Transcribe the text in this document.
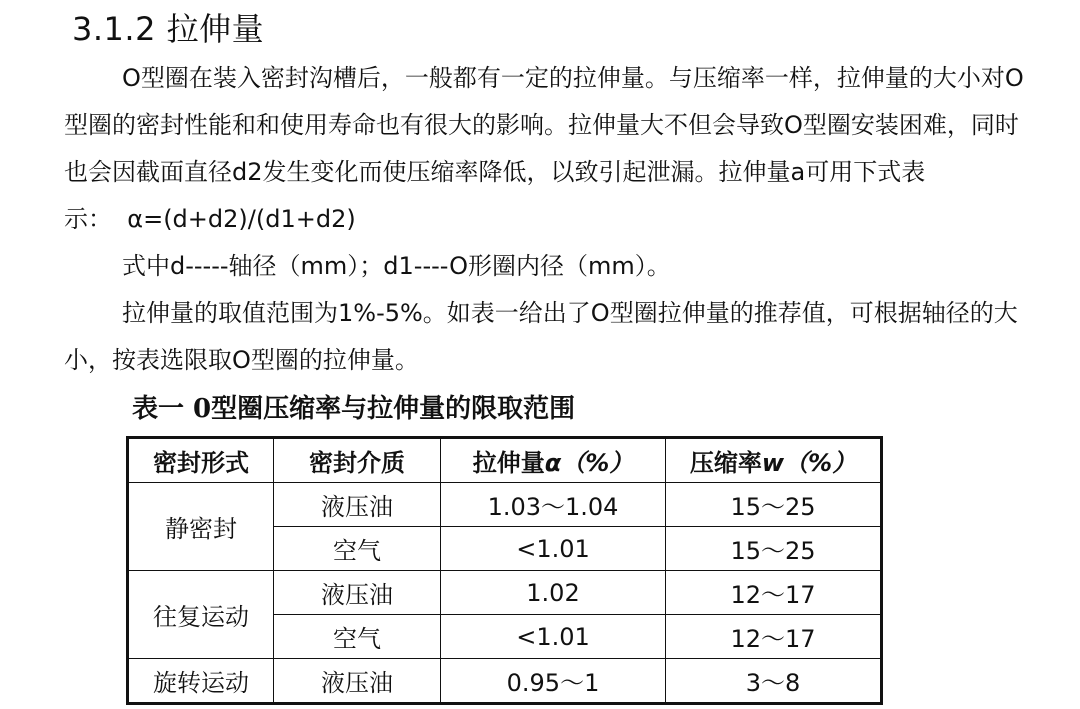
3.1.2 拉伸量

O型圈在装入密封沟槽后，一般都有一定的拉伸量。与压缩率一样，拉伸量的大小对O型圈的密封性能和和使用寿命也有很大的影响。拉伸量大不但会导致O型圈安装困难，同时也会因截面直径d2发生变化而使压缩率降低，以致引起泄漏。拉伸量a可用下式表示： α=(d+d2)/(d1+d2)

式中d-----轴径（mm）；d1----O形圈内径（mm）。

拉伸量的取值范围为1%-5%。如表一给出了O型圈拉伸量的推荐值，可根据轴径的大小，按表选限取O型圈的拉伸量。

表一 0型圈压缩率与拉伸量的限取范围
密封形式	密封介质	拉伸量α（%）	压缩率w（%）
静密封	液压油	1.03～1.04	15～25
	空气	<1.01	15～25
往复运动	液压油	1.02	12～17
	空气	<1.01	12～17
旋转运动	液压油	0.95～1	3～8
